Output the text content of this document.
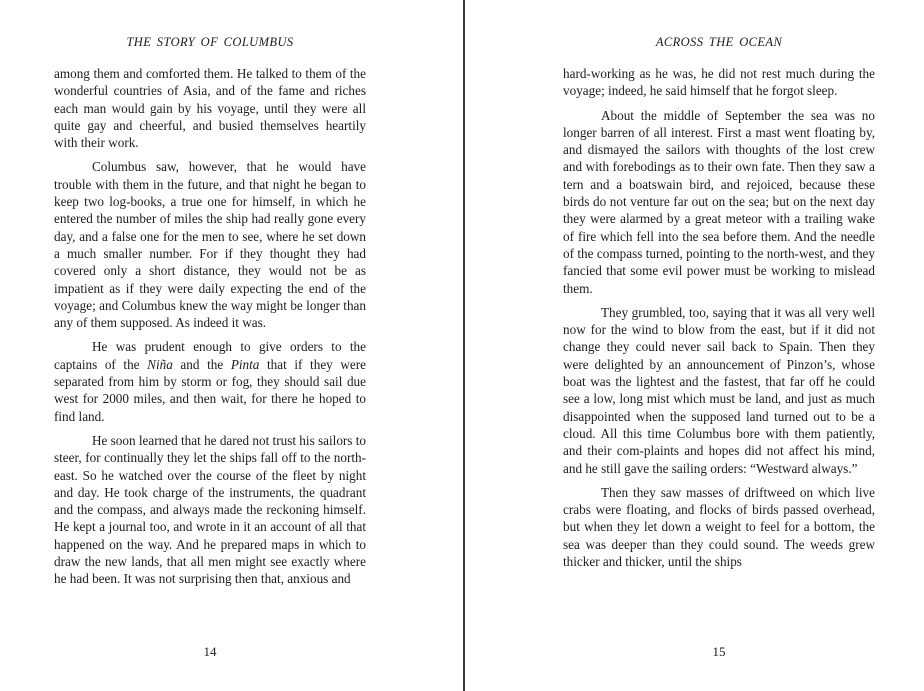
THE STORY OF COLUMBUS

among them and comforted them. He talked to them of the wonderful countries of Asia, and of the fame and riches each man would gain by his voyage, until they were all quite gay and cheerful, and busied themselves heartily with their work.

Columbus saw, however, that he would have trouble with them in the future, and that night he began to keep two log-books, a true one for himself, in which he entered the number of miles the ship had really gone every day, and a false one for the men to see, where he set down a much smaller number. For if they thought they had covered only a short distance, they would not be as impatient as if they were daily expecting the end of the voyage; and Columbus knew the way might be longer than any of them supposed. As indeed it was.

He was prudent enough to give orders to the captains of the Niña and the Pinta that if they were separated from him by storm or fog, they should sail due west for 2000 miles, and then wait, for there he hoped to find land.

He soon learned that he dared not trust his sailors to steer, for continually they let the ships fall off to the north-east. So he watched over the course of the fleet by night and day. He took charge of the instruments, the quadrant and the compass, and always made the reckoning himself. He kept a journal too, and wrote in it an account of all that happened on the way. And he prepared maps in which to draw the new lands, that all men might see exactly where he had been. It was not surprising then that, anxious and

14
ACROSS THE OCEAN

hard-working as he was, he did not rest much during the voyage; indeed, he said himself that he forgot sleep.

About the middle of September the sea was no longer barren of all interest. First a mast went floating by, and dismayed the sailors with thoughts of the lost crew and with forebodings as to their own fate. Then they saw a tern and a boatswain bird, and rejoiced, because these birds do not venture far out on the sea; but on the next day they were alarmed by a great meteor with a trailing wake of fire which fell into the sea before them. And the needle of the compass turned, pointing to the north-west, and they fancied that some evil power must be working to mislead them.

They grumbled, too, saying that it was all very well now for the wind to blow from the east, but if it did not change they could never sail back to Spain. Then they were delighted by an announcement of Pinzon’s, whose boat was the lightest and the fastest, that far off he could see a low, long mist which must be land, and just as much disappointed when the supposed land turned out to be a cloud. All this time Columbus bore with them patiently, and their com-plaints and hopes did not affect his mind, and he still gave the sailing orders: “Westward always.”

Then they saw masses of driftweed on which live crabs were floating, and flocks of birds passed overhead, but when they let down a weight to feel for a bottom, the sea was deeper than they could sound. The weeds grew thicker and thicker, until the ships

15
